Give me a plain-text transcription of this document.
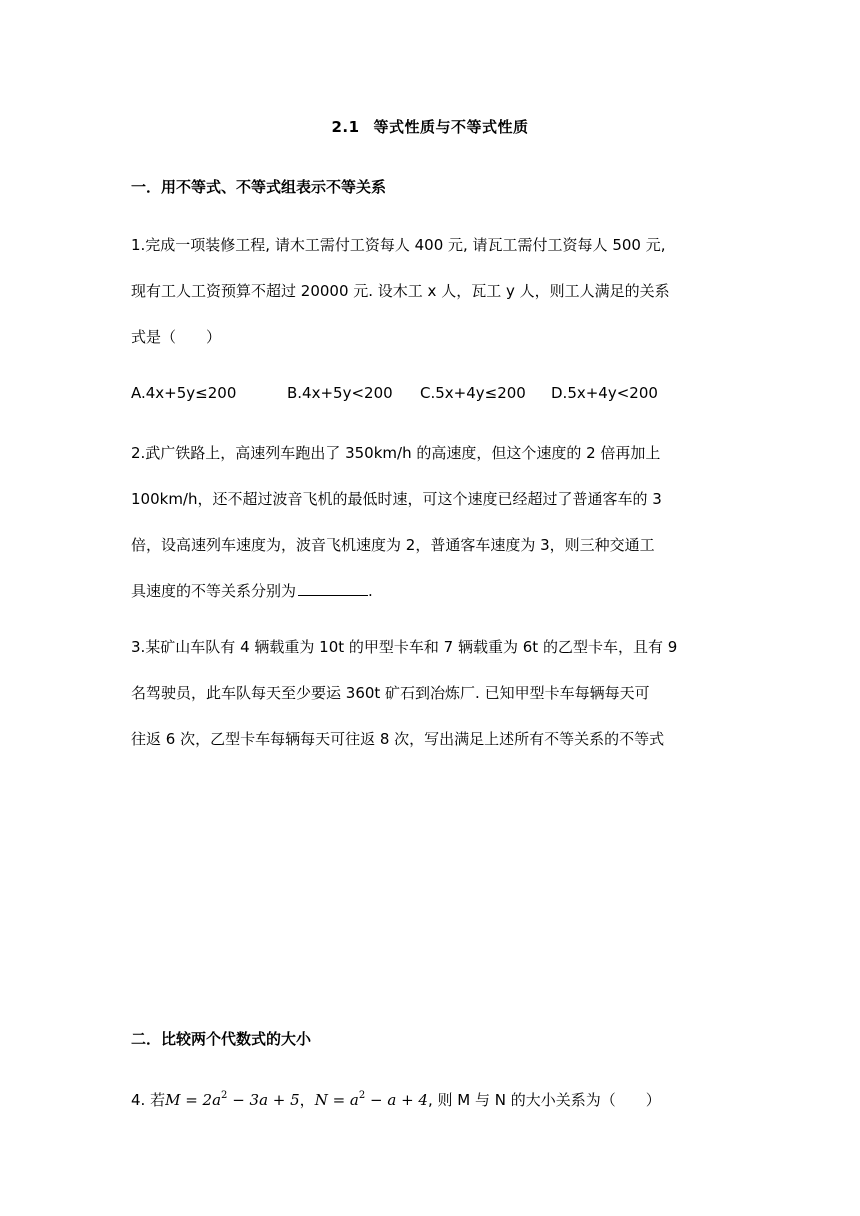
2.1 等式性质与不等式性质
一．用不等式、不等式组表示不等关系
1.完成一项装修工程, 请木工需付工资每人 400 元, 请瓦工需付工资每人 500 元,
现有工人工资预算不超过 20000 元. 设木工 x 人，瓦工 y 人，则工人满足的关系
式是（　　）
A.4x+5y≤200	B.4x+5y<200 C.5x+4y≤200 D.5x+4y<200
2.武广铁路上，高速列车跑出了 350km/h 的高速度，但这个速度的 2 倍再加上
100km/h，还不超过波音飞机的最低时速，可这个速度已经超过了普通客车的 3
倍，设高速列车速度为，波音飞机速度为 2，普通客车速度为 3，则三种交通工
具速度的不等关系分别为	.
3.某矿山车队有 4 辆载重为 10t 的甲型卡车和 7 辆载重为 6t 的乙型卡车，且有 9
名驾驶员，此车队每天至少要运 360t 矿石到冶炼厂. 已知甲型卡车每辆每天可
往返 6 次，乙型卡车每辆每天可往返 8 次，写出满足上述所有不等关系的不等式
二．比较两个代数式的大小
4. 若$M = 2a^2 - 3a + 5$，$N = a^2 - a + 4$, 则 M 与 N 的大小关系为（　　）
